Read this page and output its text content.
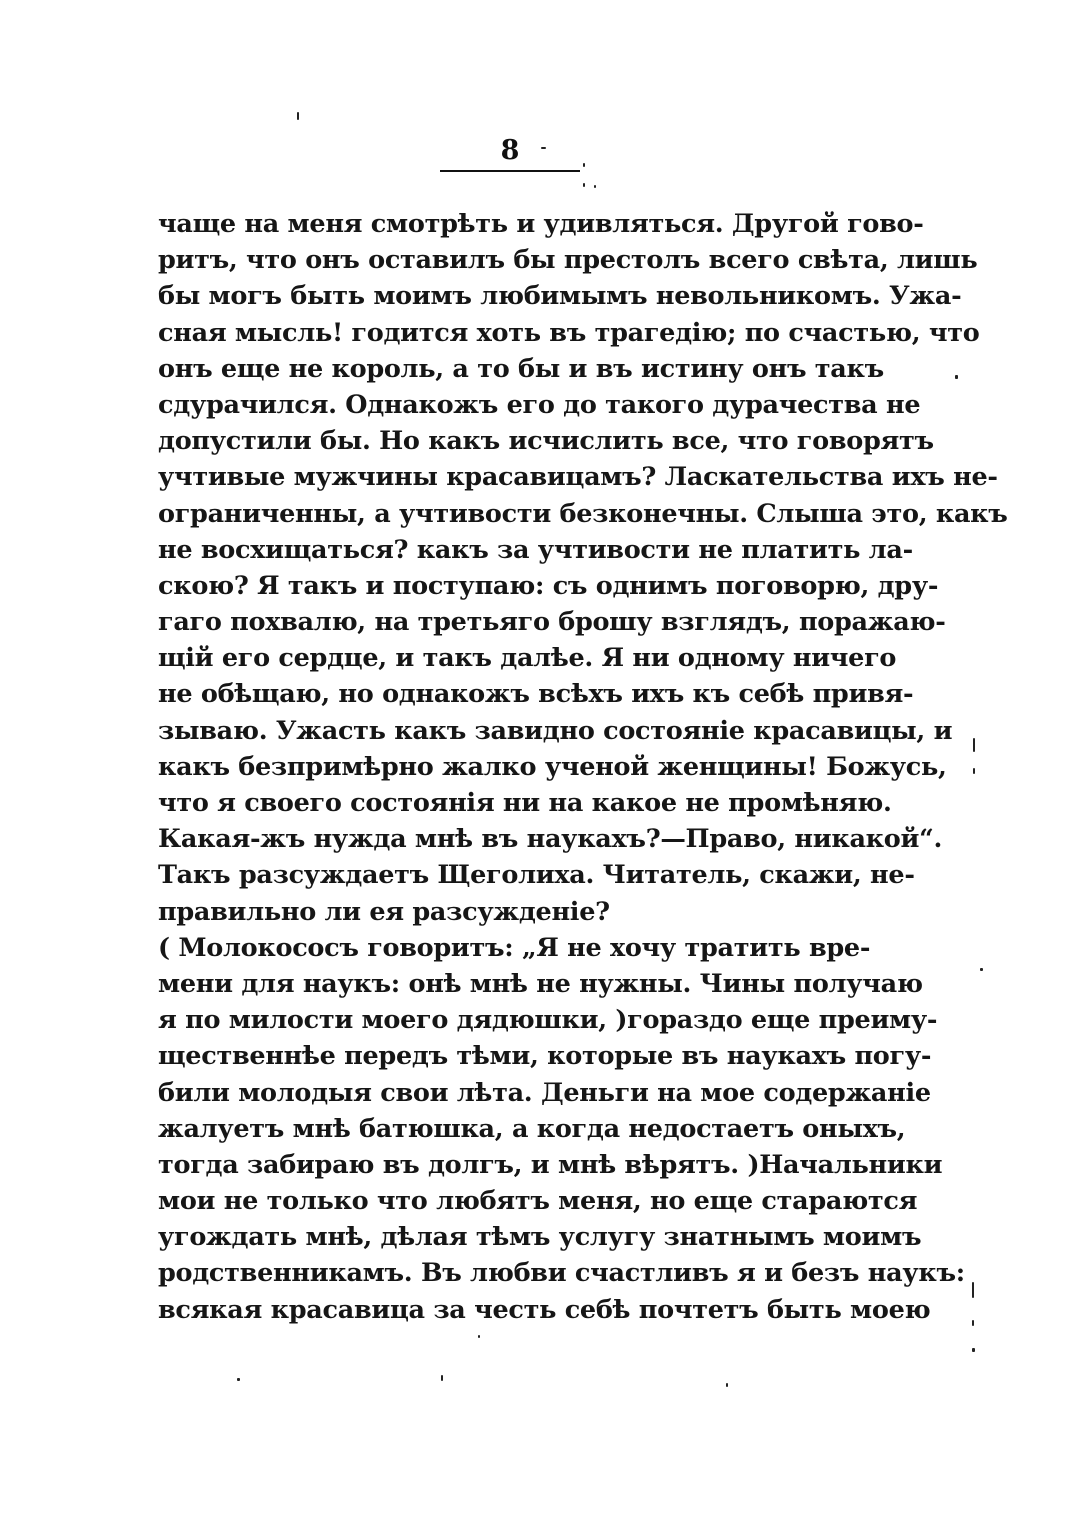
8
чаще на меня смотрѣть и удивляться. Другой гово-
ритъ, что онъ оставилъ бы престолъ всего свѣта, лишь
бы могъ быть моимъ любимымъ невольникомъ. Ужа-
сная мысль! годится хоть въ трагедію; по счастью, что
онъ еще не король, а то бы и въ истину онъ такъ
сдурачился. Однакожъ его до такого дурачества не
допустили бы. Но какъ исчислить все, что говорятъ
учтивые мужчины красавицамъ? Ласкательства ихъ не-
ограниченны, а учтивости безконечны. Слыша это, какъ
не восхищаться? какъ за учтивости не платить ла-
скою? Я такъ и поступаю: съ однимъ поговорю, дру-
гаго похвалю, на третьяго брошу взглядъ, поражаю-
щій его сердце, и такъ далѣе. Я ни одному ничего
не обѣщаю, но однакожъ всѣхъ ихъ къ себѣ привя-
зываю. Ужасть какъ завидно состояніе красавицы, и
какъ безпримѣрно жалко ученой женщины! Божусь,
что я своего состоянія ни на какое не промѣняю.
Какая-жъ нужда мнѣ въ наукахъ?—Право, никакой“.
Такъ разсуждаетъ Щеголиха. Читатель, скажи, не-
правильно ли ея разсужденіе?
( Молокососъ говоритъ: „Я не хочу тратить вре-
мени для наукъ: онѣ мнѣ не нужны. Чины получаю
я по милости моего дядюшки, )гораздо еще преиму-
щественнѣе передъ тѣми, которые въ наукахъ погу-
били молодыя свои лѣта. Деньги на мое содержаніе
жалуетъ мнѣ батюшка, а когда недостаетъ оныхъ,
тогда забираю въ долгъ, и мнѣ вѣрятъ. )Начальники
мои не только что любятъ меня, но еще стараются
угождать мнѣ, дѣлая тѣмъ услугу знатнымъ моимъ
родственникамъ. Въ любви счастливъ я и безъ наукъ:
всякая красавица за честь себѣ почтетъ быть моею
